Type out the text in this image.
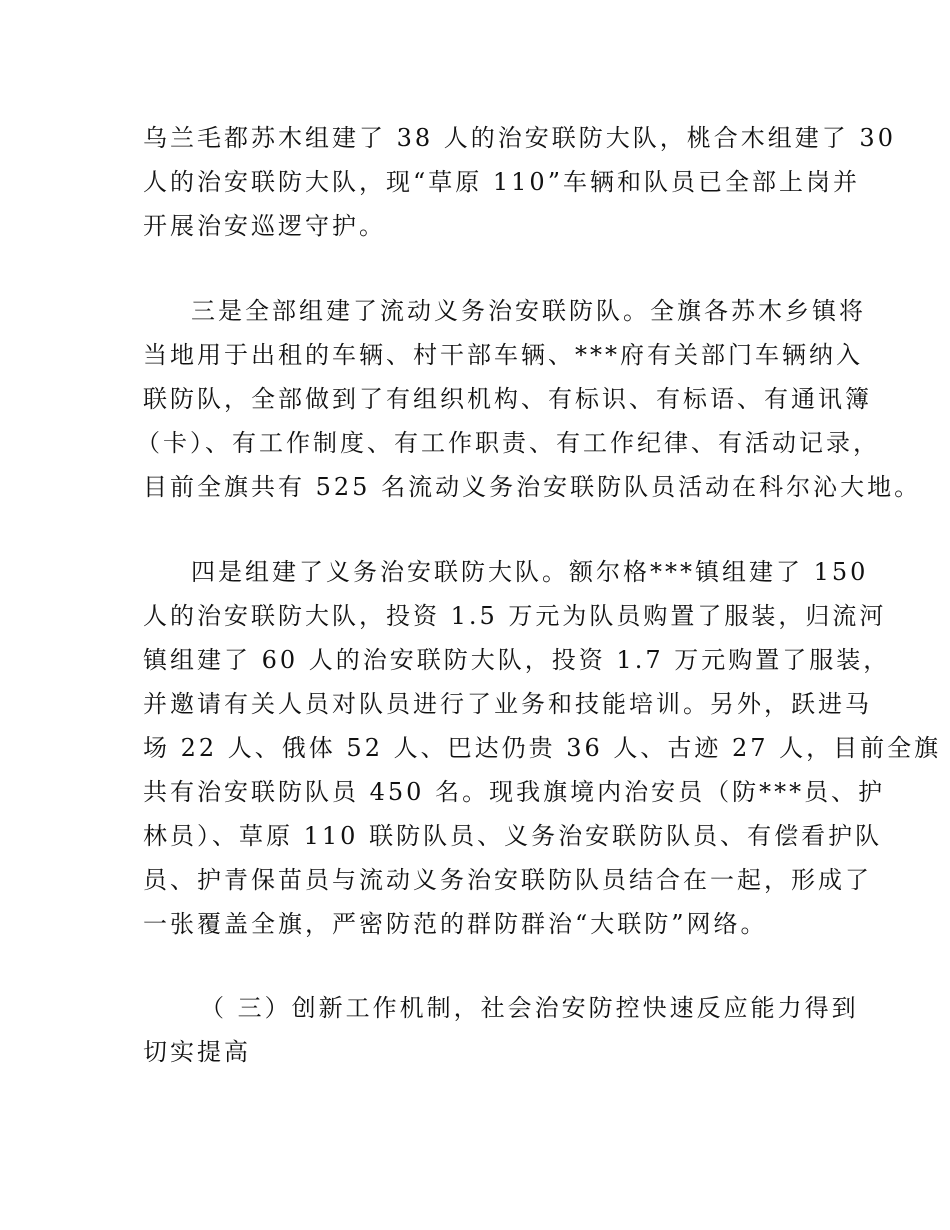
乌兰毛都苏木组建了 38 人的治安联防大队，桃合木组建了 30
人的治安联防大队，现“草原 110”车辆和队员已全部上岗并
开展治安巡逻守护。
三是全部组建了流动义务治安联防队。全旗各苏木乡镇将
当地用于出租的车辆、村干部车辆、***府有关部门车辆纳入
联防队，全部做到了有组织机构、有标识、有标语、有通讯簿
（卡）、有工作制度、有工作职责、有工作纪律、有活动记录，
目前全旗共有 525 名流动义务治安联防队员活动在科尔沁大地。
四是组建了义务治安联防大队。额尔格***镇组建了 150
人的治安联防大队，投资 1.5 万元为队员购置了服装，归流河
镇组建了 60 人的治安联防大队，投资 1.7 万元购置了服装，
并邀请有关人员对队员进行了业务和技能培训。另外，跃进马
场 22 人、俄体 52 人、巴达仍贵 36 人、古迹 27 人，目前全旗
共有治安联防队员 450 名。现我旗境内治安员（防***员、护
林员）、草原 110 联防队员、义务治安联防队员、有偿看护队
员、护青保苗员与流动义务治安联防队员结合在一起，形成了
一张覆盖全旗，严密防范的群防群治“大联防”网络。
（ 三）创新工作机制，社会治安防控快速反应能力得到
切实提高
